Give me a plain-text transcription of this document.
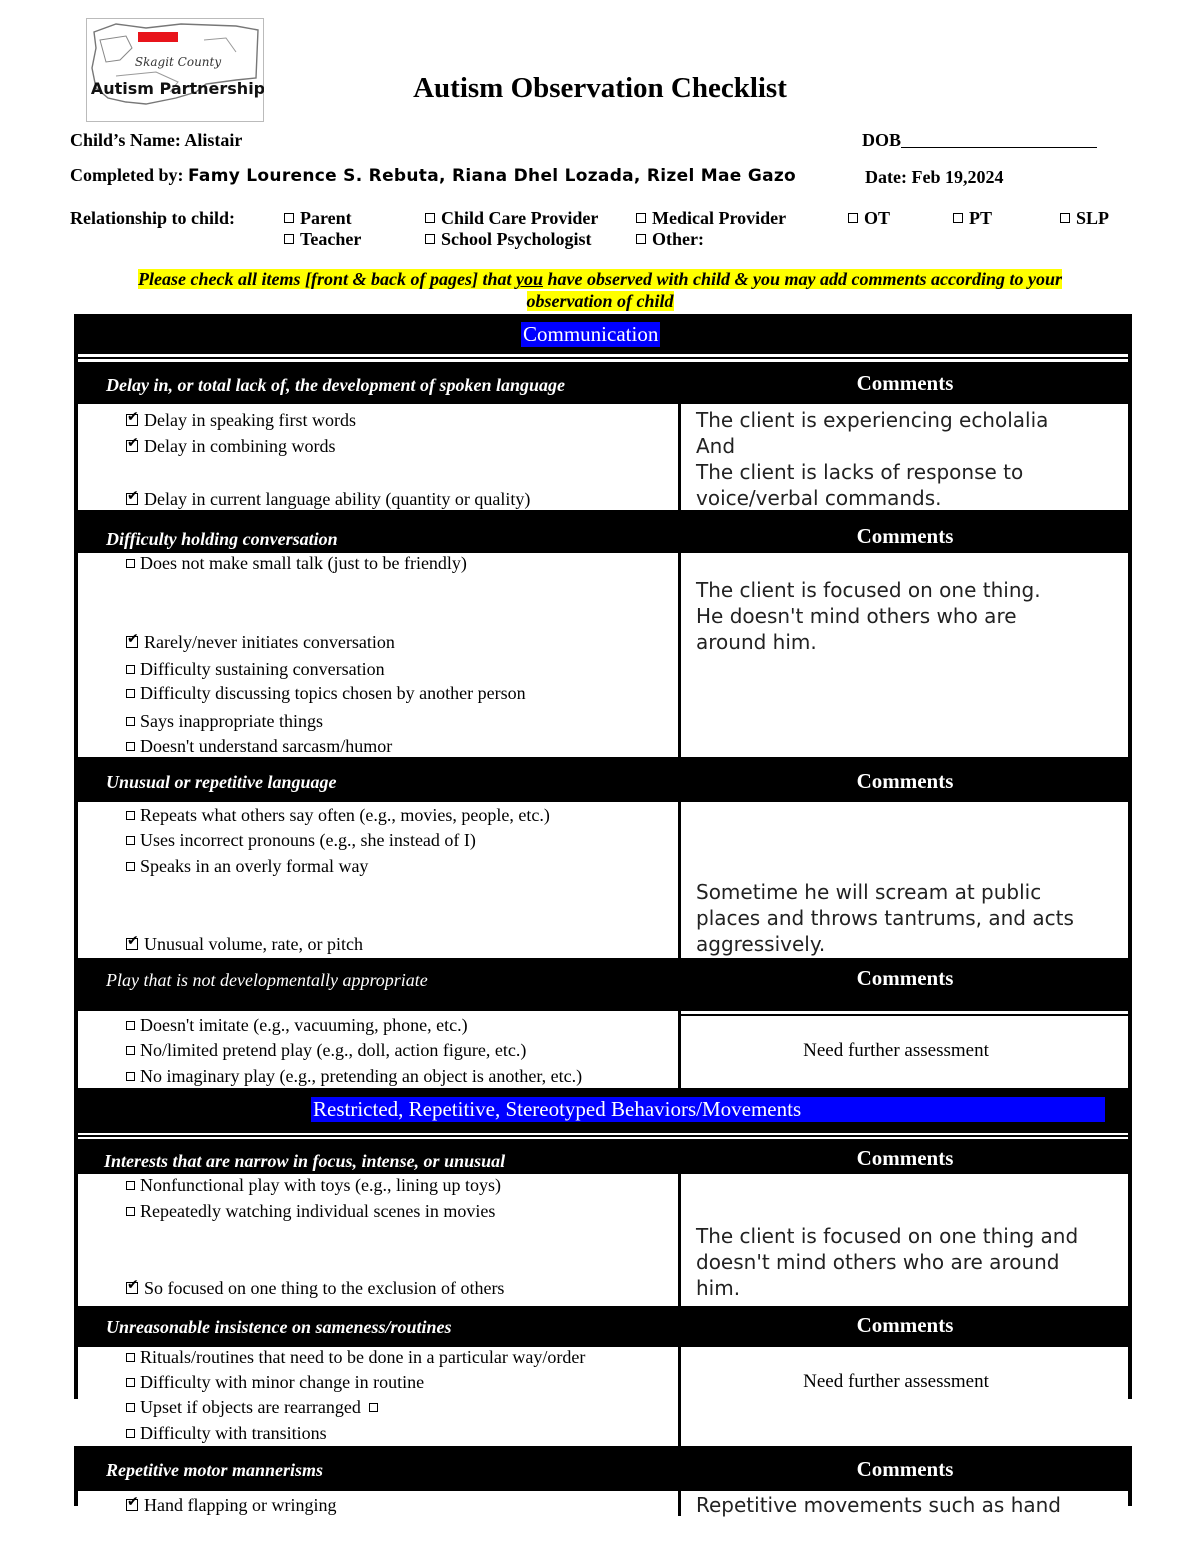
Skagit County
Autism Partnership	Autism Observation Checklist
Child’s Name: Alistair	DOB
Completed by: Famy Lourence S. Rebuta, Riana Dhel Lozada, Rizel Mae Gazo	Date: Feb 19,2024
Relationship to child:	Parent
Teacher
Child Care Provider
School Psychologist
Medical Provider
Other:
OT	PT	SLP
Please check all items [front & back of pages] that you have observed with child & you may add comments according to your
observation of child
Communication
Restricted, Repetitive, Stereotyped Behaviors/Movements
Delay in, or total lack of, the development of spoken language	Comments
✔Delay in speaking first words
✔Delay in combining words
✔Delay in current language ability (quantity or quality)
The client is experiencing echolalia
And
The client is lacks of response to
voice/verbal commands.
Difficulty holding conversation	Comments
Does not make small talk (just to be friendly)
✔Rarely/never initiates conversation
Difficulty sustaining conversation
Difficulty discussing topics chosen by another person
Says inappropriate things
Doesn't understand sarcasm/humor
The client is focused on one thing.
He doesn't mind others who are
around him.
Unusual or repetitive language	Comments
Repeats what others say often (e.g., movies, people, etc.)
Uses incorrect pronouns (e.g., she instead of I)
Speaks in an overly formal way
✔Unusual volume, rate, or pitch
Sometime he will scream at public
places and throws tantrums, and acts
aggressively.
Play that is not developmentally appropriate	Comments
Doesn't imitate (e.g., vacuuming, phone, etc.)
No/limited pretend play (e.g., doll, action figure, etc.)
No imaginary play (e.g., pretending an object is another, etc.)
Need further assessment
Interests that are narrow in focus, intense, or unusual	Comments
Nonfunctional play with toys (e.g., lining up toys)
Repeatedly watching individual scenes in movies
✔So focused on one thing to the exclusion of others
The client is focused on one thing and
doesn't mind others who are around
him.
Unreasonable insistence on sameness/routines	Comments
Rituals/routines that need to be done in a particular way/order
Difficulty with minor change in routine
Upset if objects are rearranged
Difficulty with transitions
Need further assessment
Repetitive motor mannerisms	Comments
✔Hand flapping or wringing	Repetitive movements such as hand
